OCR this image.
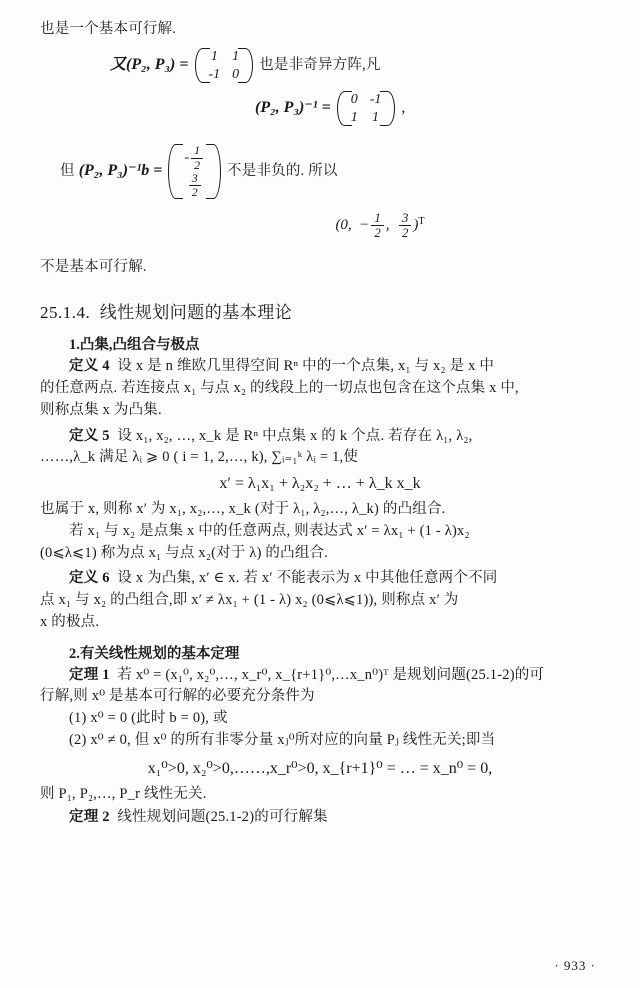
也是一个基本可行解.
又(P₂, P₃) = 1	1
-1	0
也是非奇异方阵,凡
(P₂, P₃)⁻¹ = 0	-1
1	1
,
但 (P₂, P₃)⁻¹b =
- $\frac{1}{2}$

$\frac{3}{2}$
不是非负的. 所以
(0,  − $\frac{1}{2}$ , $\frac{3}{2} )^T$
不是基本可行解.
25.1.4. 线性规划问题的基本理论
1.凸集,凸组合与极点
定义 4 设 x 是 n 维欧几里得空间 Rⁿ 中的一个点集, x₁ 与 x₂ 是 x 中
的任意两点. 若连接点 x₁ 与点 x₂ 的线段上的一切点也包含在这个点集 x 中,
则称点集 x 为凸集.
定义 5 设 x₁, x₂, …, x_k 是 Rⁿ 中点集 x 的 k 个点. 若存在 λ₁, λ₂,
……,λ_k 满足 λᵢ ⩾ 0 ( i = 1, 2,…, k), ∑ᵢ₌₁ᵏ λᵢ = 1,使
x′ = λ₁x₁ + λ₂x₂ + … + λ_k x_k
也属于 x, 则称 x′ 为 x₁, x₂,…, x_k (对于 λ₁, λ₂,…, λ_k) 的凸组合.
若 x₁ 与 x₂ 是点集 x 中的任意两点, 则表达式 x′ = λx₁ + (1 - λ)x₂
(0⩽λ⩽1) 称为点 x₁ 与点 x₂(对于 λ) 的凸组合.
定义 6 设 x 为凸集, x′ ∈ x. 若 x′ 不能表示为 x 中其他任意两个不同
点 x₁ 与 x₂ 的凸组合,即 x′ ≠ λx₁ + (1 - λ) x₂ (0⩽λ⩽1)), 则称点 x′ 为
x 的极点.
2.有关线性规划的基本定理
定理 1 若 x⁰ = (x₁⁰, x₂⁰,…, x_r⁰, x_{r+1}⁰,…x_n⁰)ᵀ 是规划问题(25.1-2)的可
行解,则 x⁰ 是基本可行解的必要充分条件为
(1) x⁰ = 0 (此时 b = 0), 或
(2) x⁰ ≠ 0, 但 x⁰ 的所有非零分量 xⱼ⁰所对应的向量 Pⱼ 线性无关;即当
x₁⁰>0, x₂⁰>0,……,x_r⁰>0, x_{r+1}⁰ = … = x_n⁰ = 0,
则 P₁, P₂,…, P_r 线性无关.
定理 2 线性规划问题(25.1-2)的可行解集
· 933 ·
